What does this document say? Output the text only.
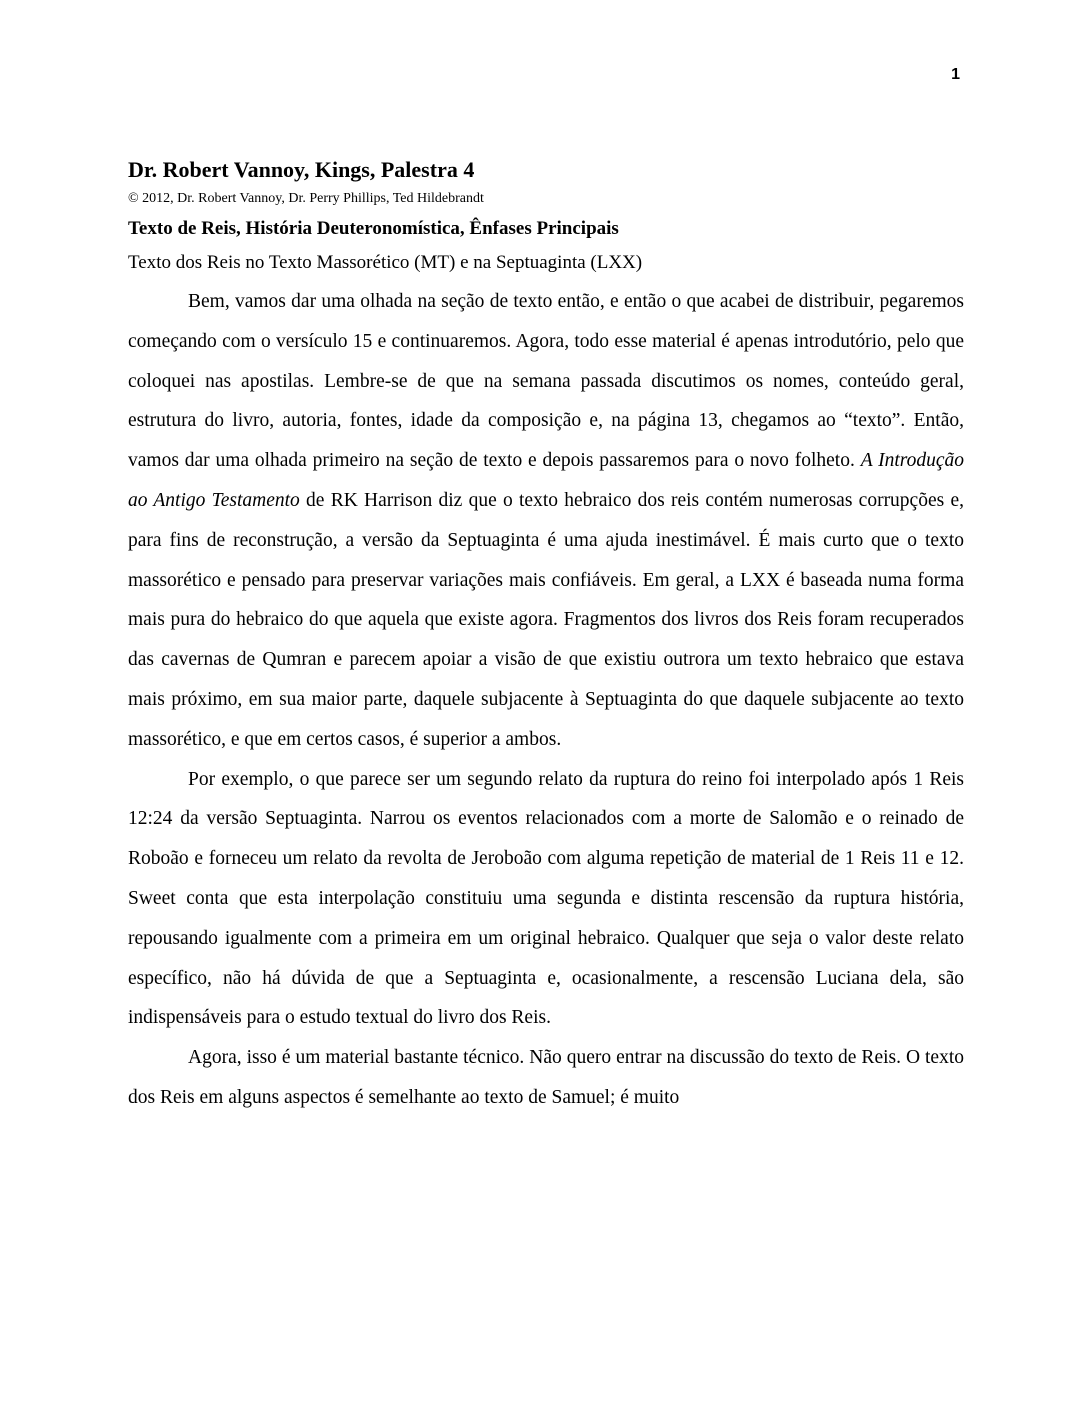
1
Dr. Robert Vannoy, Kings, Palestra 4

© 2012, Dr. Robert Vannoy, Dr. Perry Phillips, Ted Hildebrandt

Texto de Reis, História Deuteronomística, Ênfases Principais

Texto dos Reis no Texto Massorético (MT) e na Septuaginta (LXX)

Bem, vamos dar uma olhada na seção de texto então, e então o que acabei de distribuir, pegaremos começando com o versículo 15 e continuaremos. Agora, todo esse material é apenas introdutório, pelo que coloquei nas apostilas. Lembre-se de que na semana passada discutimos os nomes, conteúdo geral, estrutura do livro, autoria, fontes, idade da composição e, na página 13, chegamos ao “texto”. Então, vamos dar uma olhada primeiro na seção de texto e depois passaremos para o novo folheto. A Introdução ao Antigo Testamento de RK Harrison diz que o texto hebraico dos reis contém numerosas corrupções e, para fins de reconstrução, a versão da Septuaginta é uma ajuda inestimável. É mais curto que o texto massorético e pensado para preservar variações mais confiáveis. Em geral, a LXX é baseada numa forma mais pura do hebraico do que aquela que existe agora. Fragmentos dos livros dos Reis foram recuperados das cavernas de Qumran e parecem apoiar a visão de que existiu outrora um texto hebraico que estava mais próximo, em sua maior parte, daquele subjacente à Septuaginta do que daquele subjacente ao texto massorético, e que em certos casos, é superior a ambos.

Por exemplo, o que parece ser um segundo relato da ruptura do reino foi interpolado após 1 Reis 12:24 da versão Septuaginta. Narrou os eventos relacionados com a morte de Salomão e o reinado de Roboão e forneceu um relato da revolta de Jeroboão com alguma repetição de material de 1 Reis 11 e 12. Sweet conta que esta interpolação constituiu uma segunda e distinta rescensão da ruptura história, repousando igualmente com a primeira em um original hebraico. Qualquer que seja o valor deste relato específico, não há dúvida de que a Septuaginta e, ocasionalmente, a rescensão Luciana dela, são indispensáveis para o estudo textual do livro dos Reis.

Agora, isso é um material bastante técnico. Não quero entrar na discussão do texto de Reis. O texto dos Reis em alguns aspectos é semelhante ao texto de Samuel; é muito
